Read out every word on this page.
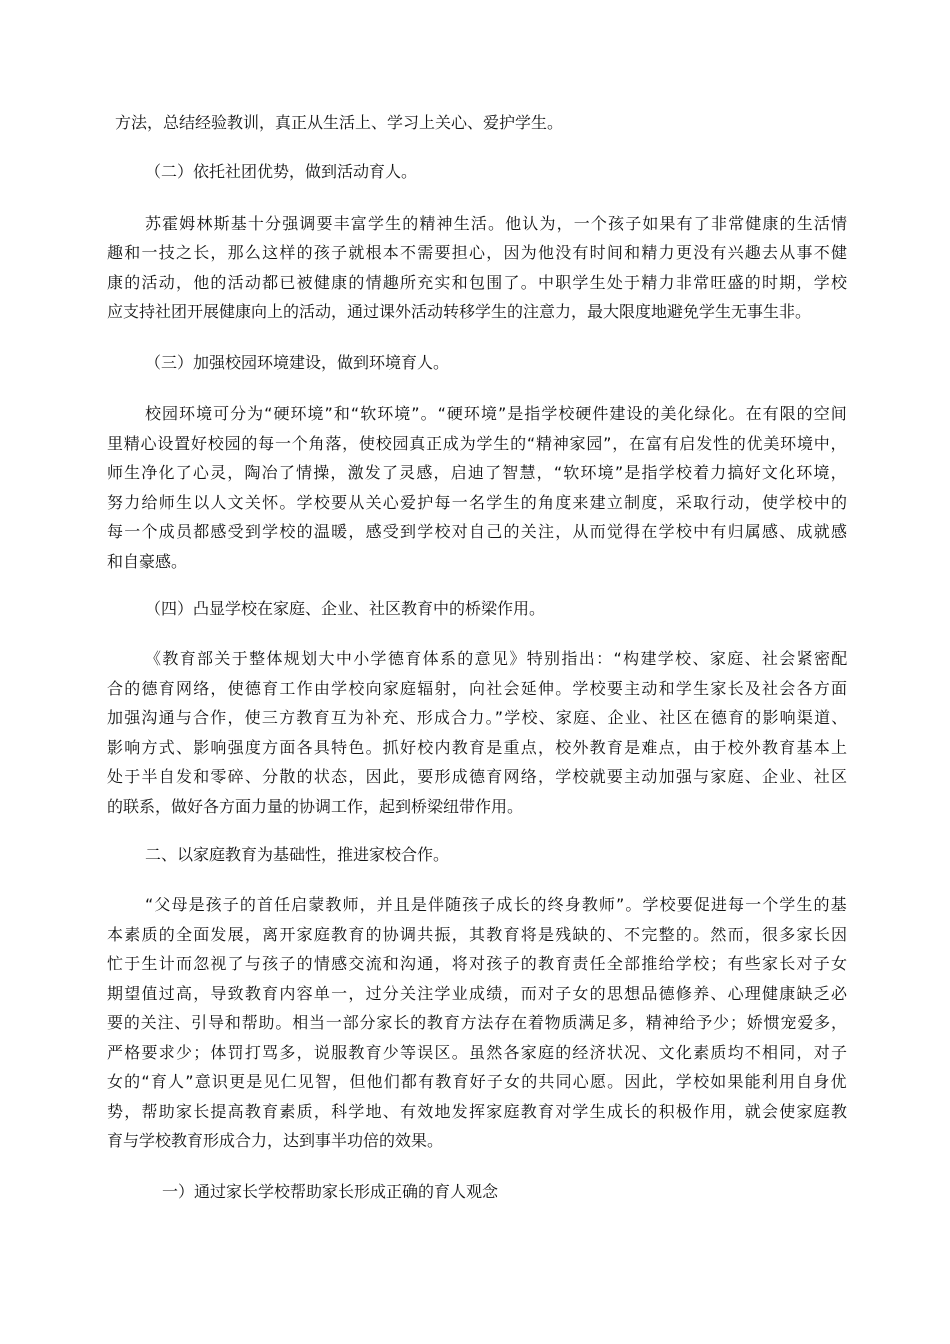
方法，总结经验教训，真正从生活上、学习上关心、爱护学生。
（二）依托社团优势，做到活动育人。
苏霍姆林斯基十分强调要丰富学生的精神生活。他认为，一个孩子如果有了非常健康的生活情
趣和一技之长，那么这样的孩子就根本不需要担心，因为他没有时间和精力更没有兴趣去从事不健
康的活动，他的活动都已被健康的情趣所充实和包围了。中职学生处于精力非常旺盛的时期，学校
应支持社团开展健康向上的活动，通过课外活动转移学生的注意力，最大限度地避免学生无事生非。
（三）加强校园环境建设，做到环境育人。
校园环境可分为“硬环境”和“软环境”。“硬环境”是指学校硬件建设的美化绿化。在有限的空间
里精心设置好校园的每一个角落，使校园真正成为学生的“精神家园”，在富有启发性的优美环境中，
师生净化了心灵，陶冶了情操，激发了灵感，启迪了智慧，“软环境”是指学校着力搞好文化环境，
努力给师生以人文关怀。学校要从关心爱护每一名学生的角度来建立制度，采取行动，使学校中的
每一个成员都感受到学校的温暖，感受到学校对自己的关注，从而觉得在学校中有归属感、成就感
和自豪感。
（四）凸显学校在家庭、企业、社区教育中的桥梁作用。
《教育部关于整体规划大中小学德育体系的意见》特别指出：“构建学校、家庭、社会紧密配
合的德育网络，使德育工作由学校向家庭辐射，向社会延伸。学校要主动和学生家长及社会各方面
加强沟通与合作，使三方教育互为补充、形成合力。”学校、家庭、企业、社区在德育的影响渠道、
影响方式、影响强度方面各具特色。抓好校内教育是重点，校外教育是难点，由于校外教育基本上
处于半自发和零碎、分散的状态，因此，要形成德育网络，学校就要主动加强与家庭、企业、社区
的联系，做好各方面力量的协调工作，起到桥梁纽带作用。
二、以家庭教育为基础性，推进家校合作。
“父母是孩子的首任启蒙教师，并且是伴随孩子成长的终身教师”。学校要促进每一个学生的基
本素质的全面发展，离开家庭教育的协调共振，其教育将是残缺的、不完整的。然而，很多家长因
忙于生计而忽视了与孩子的情感交流和沟通，将对孩子的教育责任全部推给学校；有些家长对子女
期望值过高，导致教育内容单一，过分关注学业成绩，而对子女的思想品德修养、心理健康缺乏必
要的关注、引导和帮助。相当一部分家长的教育方法存在着物质满足多，精神给予少；娇惯宠爱多，
严格要求少；体罚打骂多，说服教育少等误区。虽然各家庭的经济状况、文化素质均不相同，对子
女的“育人”意识更是见仁见智，但他们都有教育好子女的共同心愿。因此，学校如果能利用自身优
势，帮助家长提高教育素质，科学地、有效地发挥家庭教育对学生成长的积极作用，就会使家庭教
育与学校教育形成合力，达到事半功倍的效果。
一）通过家长学校帮助家长形成正确的育人观念
